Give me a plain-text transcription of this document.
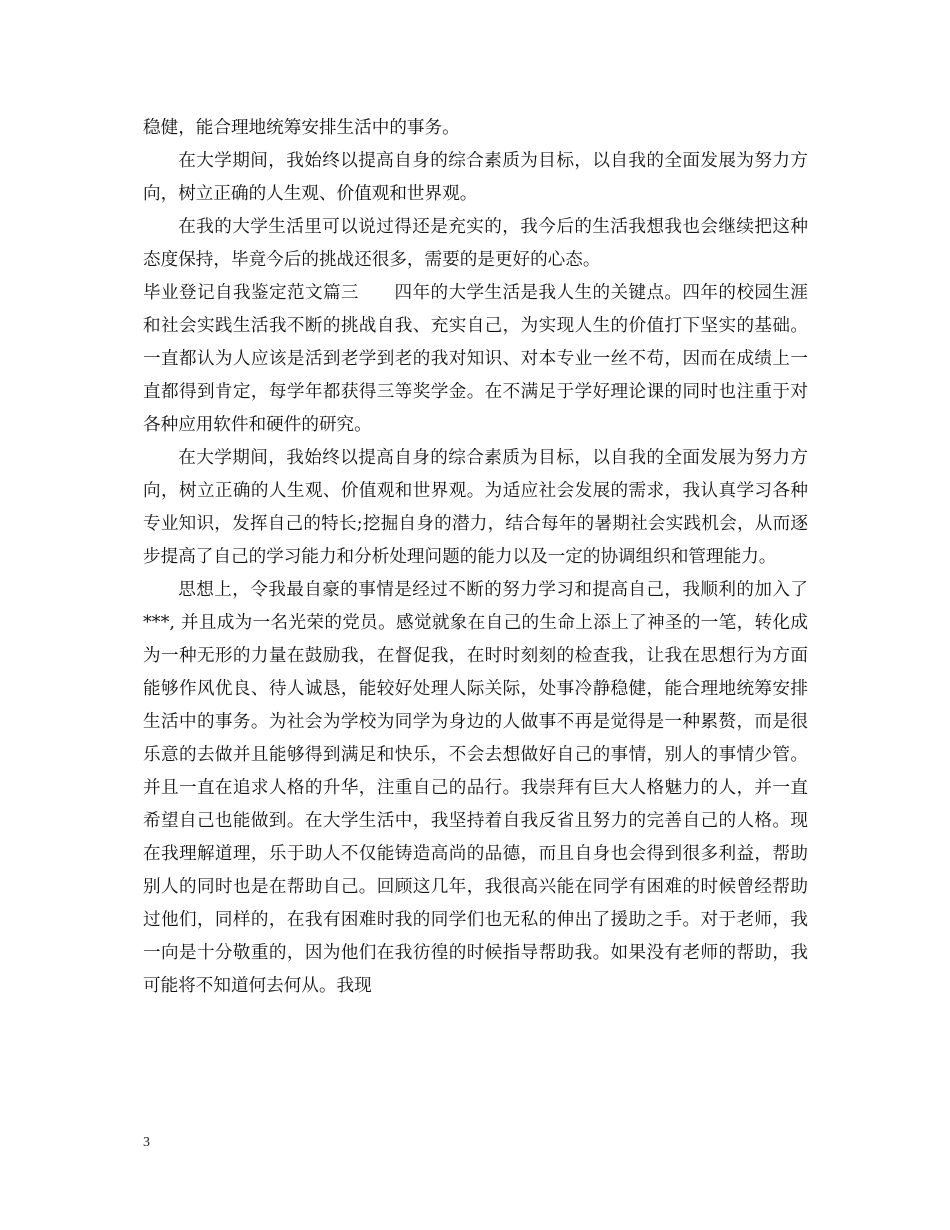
稳健，能合理地统筹安排生活中的事务。

在大学期间，我始终以提高自身的综合素质为目标，以自我的全面发展为努力方向，树立正确的人生观、价值观和世界观。

在我的大学生活里可以说过得还是充实的，我今后的生活我想我也会继续把这种态度保持，毕竟今后的挑战还很多，需要的是更好的心态。

毕业登记自我鉴定范文篇三   四年的大学生活是我人生的关键点。四年的校园生涯和社会实践生活我不断的挑战自我、充实自己，为实现人生的价值打下坚实的基础。一直都认为人应该是活到老学到老的我对知识、对本专业一丝不苟，因而在成绩上一直都得到肯定，每学年都获得三等奖学金。在不满足于学好理论课的同时也注重于对各种应用软件和硬件的研究。

在大学期间，我始终以提高自身的综合素质为目标，以自我的全面发展为努力方向，树立正确的人生观、价值观和世界观。为适应社会发展的需求，我认真学习各种专业知识，发挥自己的特长;挖掘自身的潜力，结合每年的暑期社会实践机会，从而逐步提高了自己的学习能力和分析处理问题的能力以及一定的协调组织和管理能力。

思想上，令我最自豪的事情是经过不断的努力学习和提高自己，我顺利的加入了***, 并且成为一名光荣的党员。感觉就象在自己的生命上添上了神圣的一笔，转化成为一种无形的力量在鼓励我，在督促我，在时时刻刻的检查我，让我在思想行为方面能够作风优良、待人诚恳，能较好处理人际关际，处事冷静稳健，能合理地统筹安排生活中的事务。为社会为学校为同学为身边的人做事不再是觉得是一种累赘，而是很乐意的去做并且能够得到满足和快乐，不会去想做好自己的事情，别人的事情少管。并且一直在追求人格的升华，注重自己的品行。我崇拜有巨大人格魅力的人，并一直希望自己也能做到。在大学生活中，我坚持着自我反省且努力的完善自己的人格。现在我理解道理，乐于助人不仅能铸造高尚的品德，而且自身也会得到很多利益，帮助别人的同时也是在帮助自己。回顾这几年，我很高兴能在同学有困难的时候曾经帮助过他们，同样的，在我有困难时我的同学们也无私的伸出了援助之手。对于老师，我一向是十分敬重的，因为他们在我彷徨的时候指导帮助我。如果没有老师的帮助，我可能将不知道何去何从。我现

3
